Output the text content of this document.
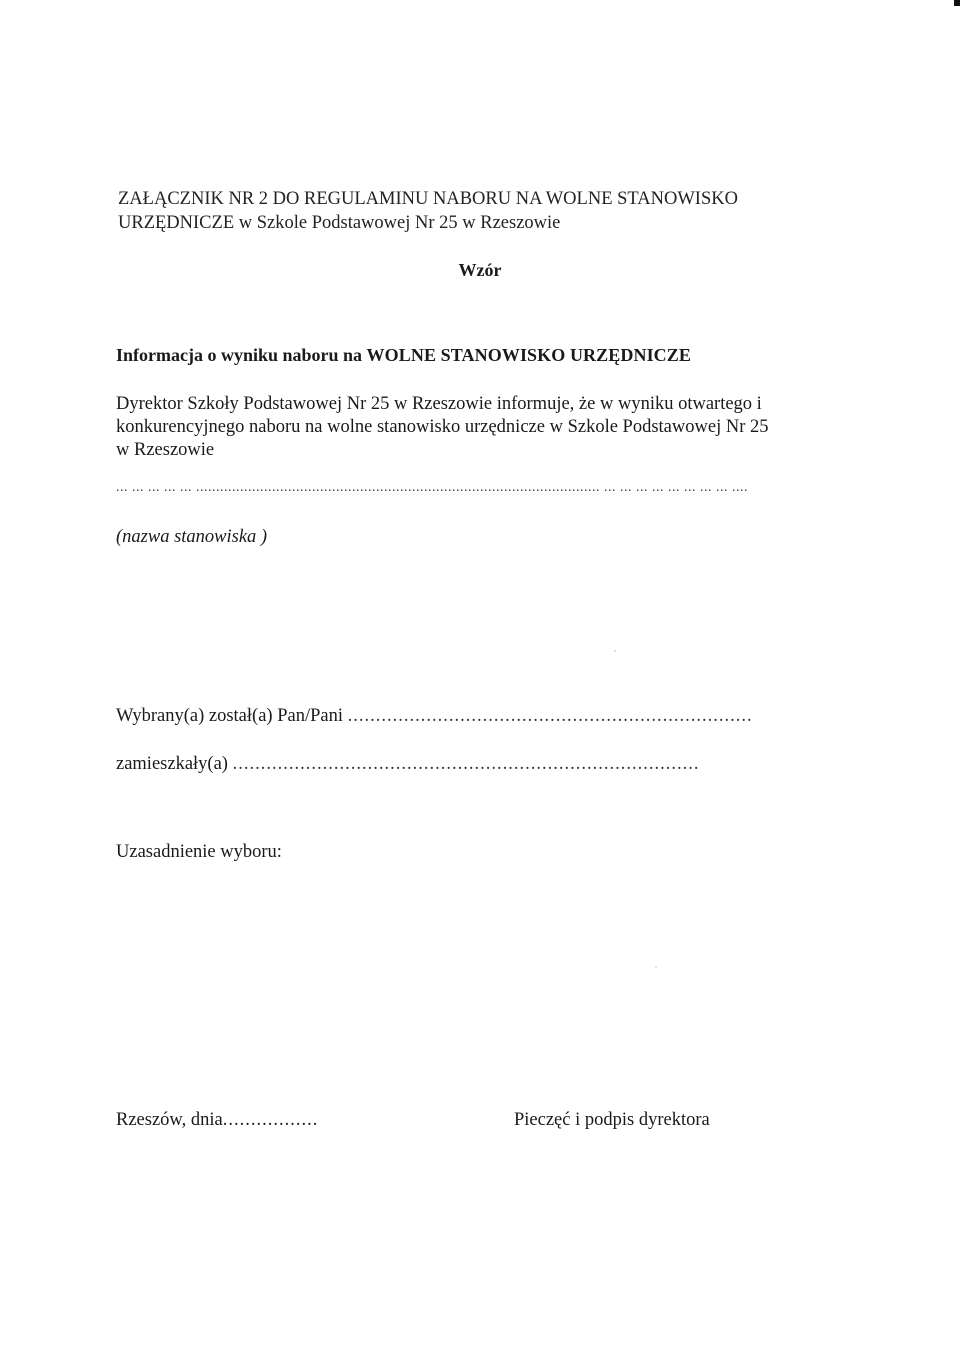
ZAŁĄCZNIK NR 2 DO REGULAMINU NABORU NA WOLNE STANOWISKO
URZĘDNICZE w Szkole Podstawowej Nr 25 w Rzeszowie
Wzór
Informacja o wyniku naboru na WOLNE STANOWISKO URZĘDNICZE
Dyrektor Szkoły Podstawowej Nr 25 w Rzeszowie informuje, że w wyniku otwartego i
konkurencyjnego naboru na wolne stanowisko urzędnicze w Szkole Podstawowej Nr 25
w Rzeszowie
... ... ... ... ... ..................................................................................................... ... ... ... ... ... ... ... ... ....
(nazwa stanowiska )
Wybrany(a) został(a) Pan/Pani ........................................................................
zamieszkały(a) ...................................................................................
Uzasadnienie wyboru:
Rzeszów, dnia.................	Pieczęć i podpis dyrektora
